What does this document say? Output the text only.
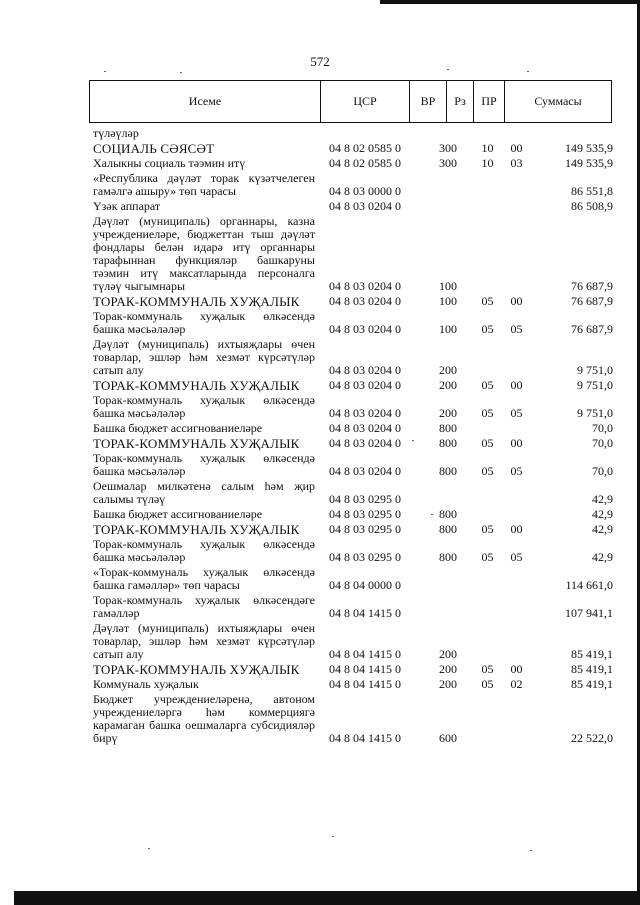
572
Исеме	ЦСР	ВР	Рз	ПР	Суммасы
түләүләр
СОЦИАЛЬ СӘЯСӘТ	04 8 02 0585 0	300	10	00	149 535,9
Халыкны социаль тәэмин итү	04 8 02 0585 0	300	10	03	149 535,9
«Республика дәүләт торак күзәтчелеген гамәлгә ашыру» төп чарасы	04 8 03 0000 0	86 551,8
Үзәк аппарат	04 8 03 0204 0	86 508,9
Дәүләт (муниципаль) органнары, казна учреждениеләре, бюджеттан тыш дәүләт фондлары белән идарә итү органнары тарафыннан функцияләр башкаруны тәэмин итү максатларында персоналга түләү чыгымнары	04 8 03 0204 0	100	76 687,9
ТОРАК-КОММУНАЛЬ ХУҖАЛЫК	04 8 03 0204 0	100	05	00	76 687,9
Торак-коммуналь хуҗалык өлкәсендә башка мәсьәләләр	04 8 03 0204 0	100	05	05	76 687,9
Дәүләт (муниципаль) ихтыяҗлары өчен товарлар, эшләр һәм хезмәт күрсәтүләр сатып алу	04 8 03 0204 0	200	9 751,0
ТОРАК-КОММУНАЛЬ ХУҖАЛЫК	04 8 03 0204 0	200	05	00	9 751,0
Торак-коммуналь хуҗалык өлкәсендә башка мәсьәләләр	04 8 03 0204 0	200	05	05	9 751,0
Башка бюджет ассигнованиеләре	04 8 03 0204 0	800	70,0
ТОРАК-КОММУНАЛЬ ХУҖАЛЫК	04 8 03 0204 0	800	05	00	70,0
Торак-коммуналь хуҗалык өлкәсендә башка мәсьәләләр	04 8 03 0204 0	800	05	05	70,0
Оешмалар милкәтенә салым һәм җир салымы түләү	04 8 03 0295 0	42,9
Башка бюджет ассигнованиеләре	04 8 03 0295 0	800	42,9
ТОРАК-КОММУНАЛЬ ХУҖАЛЫК	04 8 03 0295 0	800	05	00	42,9
Торак-коммуналь хуҗалык өлкәсендә башка мәсьәләләр	04 8 03 0295 0	800	05	05	42,9
«Торак-коммуналь хуҗалык өлкәсендә башка гамәлләр» төп чарасы	04 8 04 0000 0	114 661,0
Торак-коммуналь хуҗалык өлкәсендәге гамәлләр	04 8 04 1415 0	107 941,1
Дәүләт (муниципаль) ихтыяҗлары өчен товарлар, эшләр һәм хезмәт күрсәтүләр сатып алу	04 8 04 1415 0	200	85 419,1
ТОРАК-КОММУНАЛЬ ХУҖАЛЫК	04 8 04 1415 0	200	05	00	85 419,1
Коммуналь хуҗалык	04 8 04 1415 0	200	05	02	85 419,1
Бюджет учреждениеләренә, автоном учреждениеләргә һәм коммерциягә карамаган башка оешмаларга субсидияләр бирү	04 8 04 1415 0	600	22 522,0
